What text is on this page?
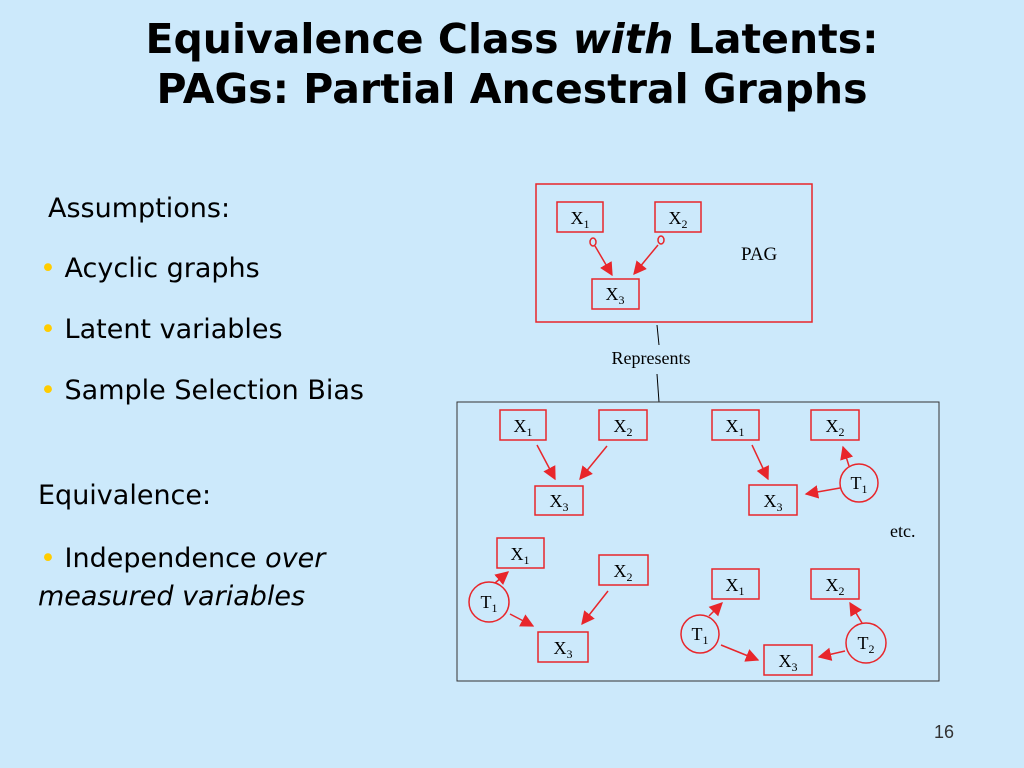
Equivalence Class with Latents:
PAGs: Partial Ancestral Graphs
Assumptions:
• Acyclic graphs
• Latent variables
• Sample Selection Bias
Equivalence:
• Independence over
measured variables
$X_1$	$X_2$
$X_3$
PAG
Represents
$X_1$	$X_2$
$X_3$
$X_1$	$X_2$
$X_3$
$T_1$
etc.
$X_1$
$X_2$
$X_3$
$T_1$
$X_1$	$X_2$
$X_3$
$T_1$	$T_2$
16
